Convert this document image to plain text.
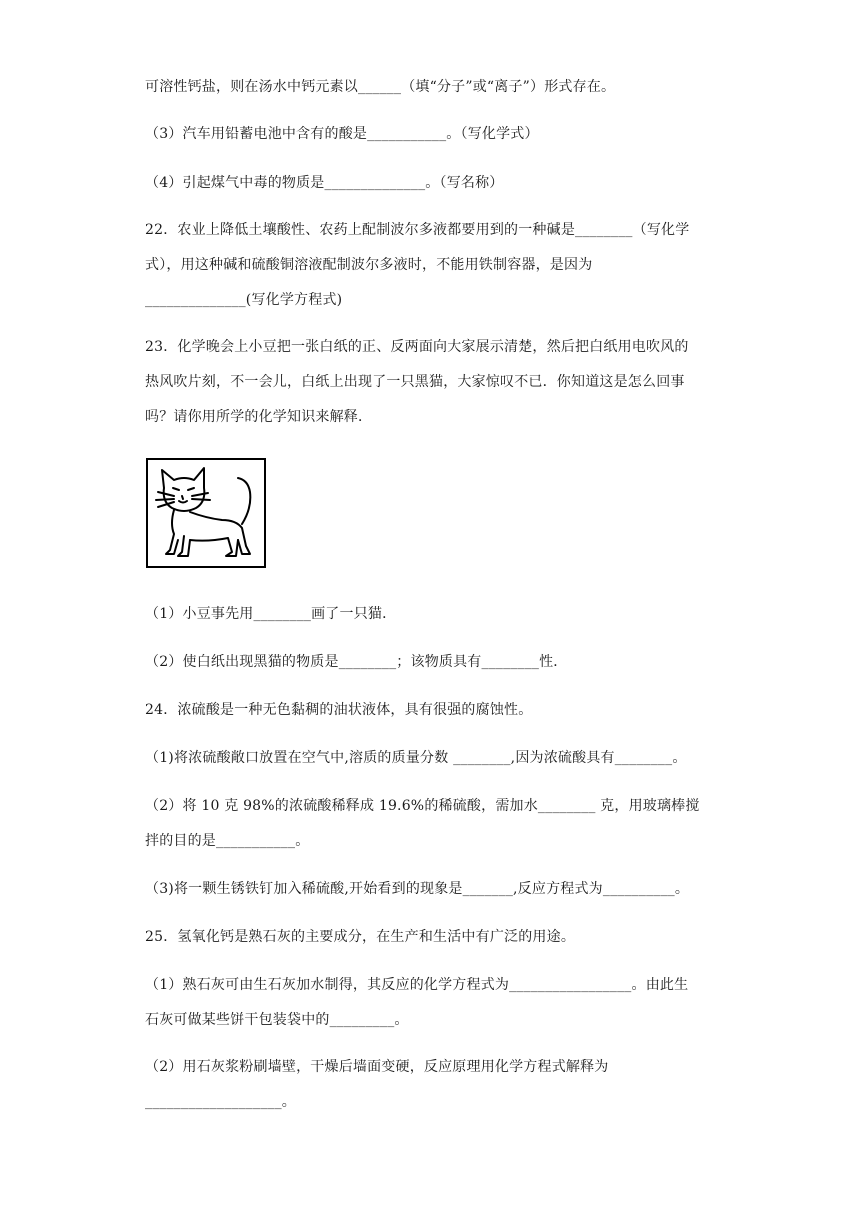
可溶性钙盐，则在汤水中钙元素以______（填“分子”或“离子”）形式存在。
（3）汽车用铅蓄电池中含有的酸是___________。（写化学式）
（4）引起煤气中毒的物质是______________。（写名称）
22．农业上降低土壤酸性、农药上配制波尔多液都要用到的一种碱是________（写化学
式），用这种碱和硫酸铜溶液配制波尔多液时，不能用铁制容器，是因为
______________(写化学方程式)
23．化学晚会上小豆把一张白纸的正、反两面向大家展示清楚，然后把白纸用电吹风的
热风吹片刻，不一会儿，白纸上出现了一只黑猫，大家惊叹不已．你知道这是怎么回事
吗？请你用所学的化学知识来解释．
（1）小豆事先用________画了一只猫．
（2）使白纸出现黑猫的物质是________；该物质具有________性．
24．浓硫酸是一种无色黏稠的油状液体，具有很强的腐蚀性。
（1)将浓硫酸敞口放置在空气中,溶质的质量分数 ________,因为浓硫酸具有________。
（2）将 10 克 98%的浓硫酸稀释成 19.6%的稀硫酸，需加水________ 克，用玻璃棒搅
拌的目的是___________。
（3)将一颗生锈铁钉加入稀硫酸,开始看到的现象是_______,反应方程式为__________。
25．氢氧化钙是熟石灰的主要成分，在生产和生活中有广泛的用途。
（1）熟石灰可由生石灰加水制得，其反应的化学方程式为_________________。由此生
石灰可做某些饼干包装袋中的_________。
（2）用石灰浆粉刷墙壁，干燥后墙面变硬，反应原理用化学方程式解释为
___________________。
